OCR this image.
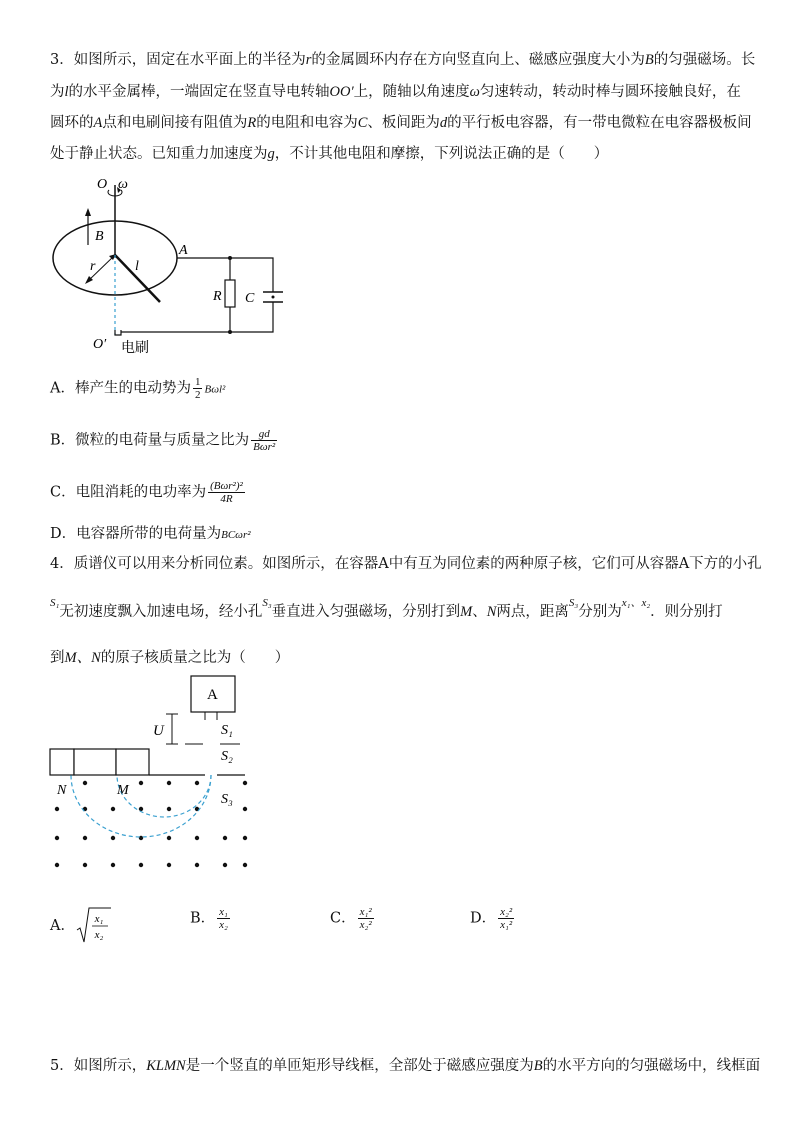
3．如图所示，固定在水平面上的半径为r的金属圆环内存在方向竖直向上、磁感应强度大小为B的匀强磁场。长
为l的水平金属棒，一端固定在竖直导电转轴OO′上，随轴以角速度ω匀速转动，转动时棒与圆环接触良好，在
圆环的A点和电刷间接有阻值为R的电阻和电容为C、板间距为d的平行板电容器，有一带电微粒在电容器极板间
处于静止状态。已知重力加速度为g，不计其他电阻和摩擦，下列说法正确的是（　　）
O ω
B
l
r
O′ 电刷
A
R C
A．棒产生的电动势为 $\frac{1}{2} B\omega l^2$
B．微粒的电荷量与质量之比为 $\frac{gd}{\text{Bωr²}}$
C．电阻消耗的电功率为 $\frac{\text{(Bωr²)²}}{4R}$
D．电容器所带的电荷量为BCωr²
4．质谱仪可以用来分析同位素。如图所示，在容器A中有互为同位素的两种原子核，它们可从容器A下方的小孔
$^{S_1}$无初速度飘入加速电场，经小孔$^{S_3}$垂直进入匀强磁场，分别打到M、N两点，距离$^{S_3}$分别为$^{x_1、x_2}$．则分别打
到M、N的原子核质量之比为（　　）
A
S₁
U
S₂
N	M
S₃
A． x₁
x₂
B． $\frac{\text{x₁}}{\text{x₂}}$	C． $\frac{\text{x₁²}}{\text{x₂²}}$	D． $\frac{\text{x₂²}}{\text{x₁²}}$
5．如图所示，KLMN是一个竖直的单匝矩形导线框，全部处于磁感应强度为B的水平方向的匀强磁场中，线框面
